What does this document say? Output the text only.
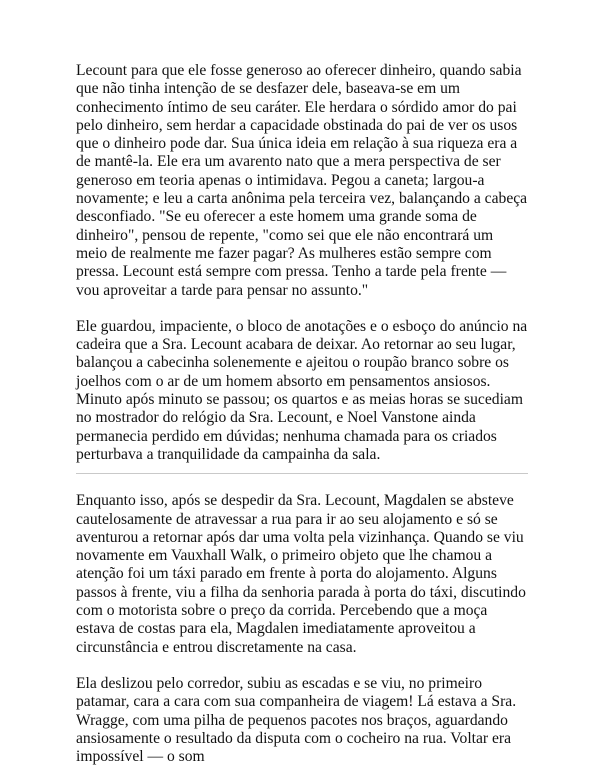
Lecount para que ele fosse generoso ao oferecer dinheiro, quando sabia que não tinha intenção de se desfazer dele, baseava-se em um conhecimento íntimo de seu caráter. Ele herdara o sórdido amor do pai pelo dinheiro, sem herdar a capacidade obstinada do pai de ver os usos que o dinheiro pode dar. Sua única ideia em relação à sua riqueza era a de mantê-la. Ele era um avarento nato que a mera perspectiva de ser generoso em teoria apenas o intimidava. Pegou a caneta; largou-a novamente; e leu a carta anônima pela terceira vez, balançando a cabeça desconfiado. "Se eu oferecer a este homem uma grande soma de dinheiro", pensou de repente, "como sei que ele não encontrará um meio de realmente me fazer pagar? As mulheres estão sempre com pressa. Lecount está sempre com pressa. Tenho a tarde pela frente — vou aproveitar a tarde para pensar no assunto."

Ele guardou, impaciente, o bloco de anotações e o esboço do anúncio na cadeira que a Sra. Lecount acabara de deixar. Ao retornar ao seu lugar, balançou a cabecinha solenemente e ajeitou o roupão branco sobre os joelhos com o ar de um homem absorto em pensamentos ansiosos. Minuto após minuto se passou; os quartos e as meias horas se sucediam no mostrador do relógio da Sra. Lecount, e Noel Vanstone ainda permanecia perdido em dúvidas; nenhuma chamada para os criados perturbava a tranquilidade da campainha da sala.

Enquanto isso, após se despedir da Sra. Lecount, Magdalen se absteve cautelosamente de atravessar a rua para ir ao seu alojamento e só se aventurou a retornar após dar uma volta pela vizinhança. Quando se viu novamente em Vauxhall Walk, o primeiro objeto que lhe chamou a atenção foi um táxi parado em frente à porta do alojamento. Alguns passos à frente, viu a filha da senhoria parada à porta do táxi, discutindo com o motorista sobre o preço da corrida. Percebendo que a moça estava de costas para ela, Magdalen imediatamente aproveitou a circunstância e entrou discretamente na casa.

Ela deslizou pelo corredor, subiu as escadas e se viu, no primeiro patamar, cara a cara com sua companheira de viagem! Lá estava a Sra. Wragge, com uma pilha de pequenos pacotes nos braços, aguardando ansiosamente o resultado da disputa com o cocheiro na rua. Voltar era impossível — o som
